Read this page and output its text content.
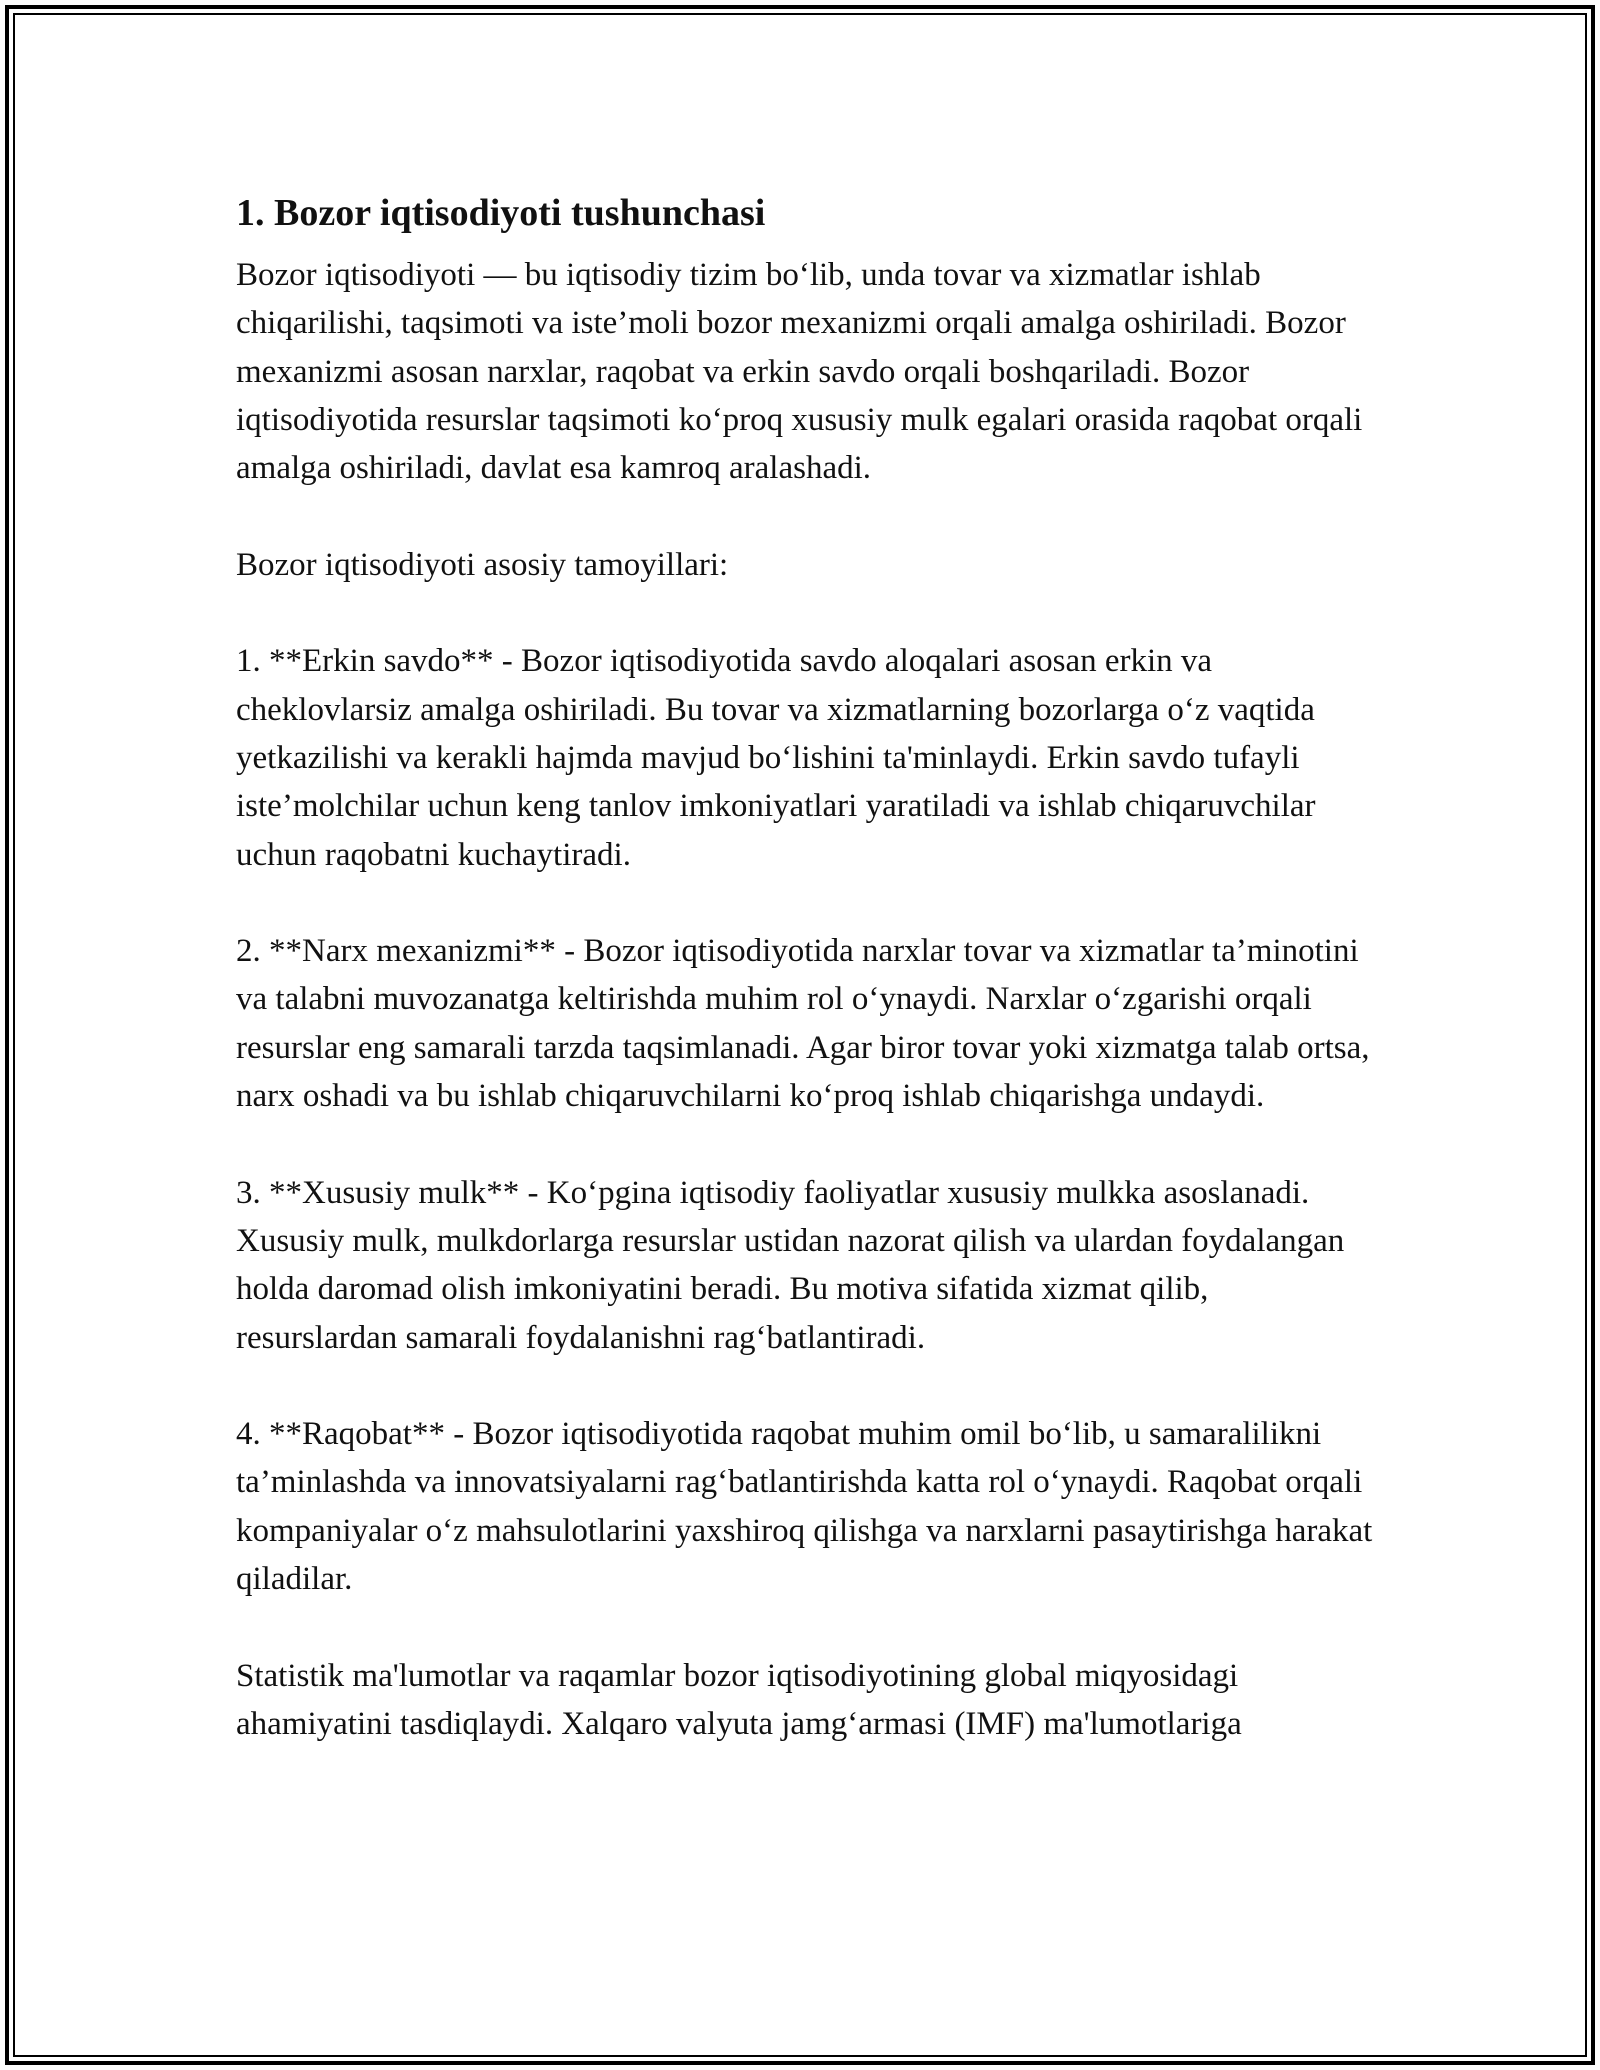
1. Bozor iqtisodiyoti tushunchasi

Bozor iqtisodiyoti — bu iqtisodiy tizim bo‘lib, unda tovar va xizmatlar ishlab chiqarilishi, taqsimoti va iste’moli bozor mexanizmi orqali amalga oshiriladi. Bozor mexanizmi asosan narxlar, raqobat va erkin savdo orqali boshqariladi. Bozor iqtisodiyotida resurslar taqsimoti ko‘proq xususiy mulk egalari orasida raqobat orqali amalga oshiriladi, davlat esa kamroq aralashadi.

Bozor iqtisodiyoti asosiy tamoyillari:

1. **Erkin savdo** - Bozor iqtisodiyotida savdo aloqalari asosan erkin va cheklovlarsiz amalga oshiriladi. Bu tovar va xizmatlarning bozorlarga o‘z vaqtida yetkazilishi va kerakli hajmda mavjud bo‘lishini ta'minlaydi. Erkin savdo tufayli iste’molchilar uchun keng tanlov imkoniyatlari yaratiladi va ishlab chiqaruvchilar uchun raqobatni kuchaytiradi.

2. **Narx mexanizmi** - Bozor iqtisodiyotida narxlar tovar va xizmatlar ta’minotini va talabni muvozanatga keltirishda muhim rol o‘ynaydi. Narxlar o‘zgarishi orqali resurslar eng samarali tarzda taqsimlanadi. Agar biror tovar yoki xizmatga talab ortsa, narx oshadi va bu ishlab chiqaruvchilarni ko‘proq ishlab chiqarishga undaydi.

3. **Xususiy mulk** - Ko‘pgina iqtisodiy faoliyatlar xususiy mulkka asoslanadi. Xususiy mulk, mulkdorlarga resurslar ustidan nazorat qilish va ulardan foydalangan holda daromad olish imkoniyatini beradi. Bu motiva sifatida xizmat qilib, resurslardan samarali foydalanishni rag‘batlantiradi.

4. **Raqobat** - Bozor iqtisodiyotida raqobat muhim omil bo‘lib, u samaralilikni ta’minlashda va innovatsiyalarni rag‘batlantirishda katta rol o‘ynaydi. Raqobat orqali kompaniyalar o‘z mahsulotlarini yaxshiroq qilishga va narxlarni pasaytirishga harakat qiladilar.

Statistik ma'lumotlar va raqamlar bozor iqtisodiyotining global miqyosidagi ahamiyatini tasdiqlaydi. Xalqaro valyuta jamg‘armasi (IMF) ma'lumotlariga
